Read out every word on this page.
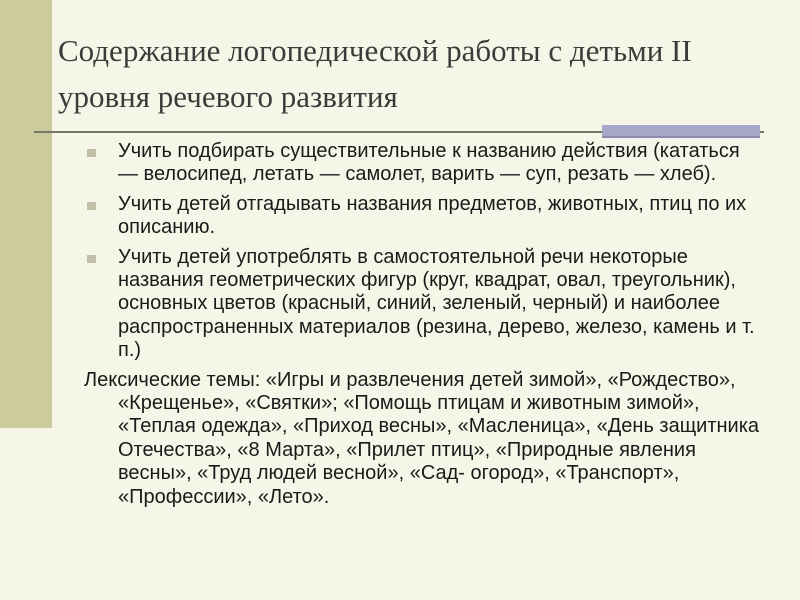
Содержание логопедической работы с детьми II уровня речевого развития
Учить подбирать существительные к названию действия (кататься — велосипед, летать — самолет, варить — суп, резать — хлеб).
Учить детей отгадывать названия предметов, животных, птиц по их описанию.
Учить детей употреблять в самостоятельной речи некоторые названия геометрических фигур (круг, квадрат, овал, треугольник), основных цветов (красный, синий, зеленый, черный) и наиболее распространенных материалов (резина, дерево, железо, камень и т. п.)

Лексические темы: «Игры и развлечения детей зимой», «Рождество», «Крещенье», «Святки»; «Помощь птицам и животным зимой», «Теплая одежда», «Приход весны», «Масленица», «День защитника Отечества», «8 Марта», «Прилет птиц», «Природные явления весны», «Труд людей весной», «Сад- огород», «Транспорт», «Профессии», «Лето».
